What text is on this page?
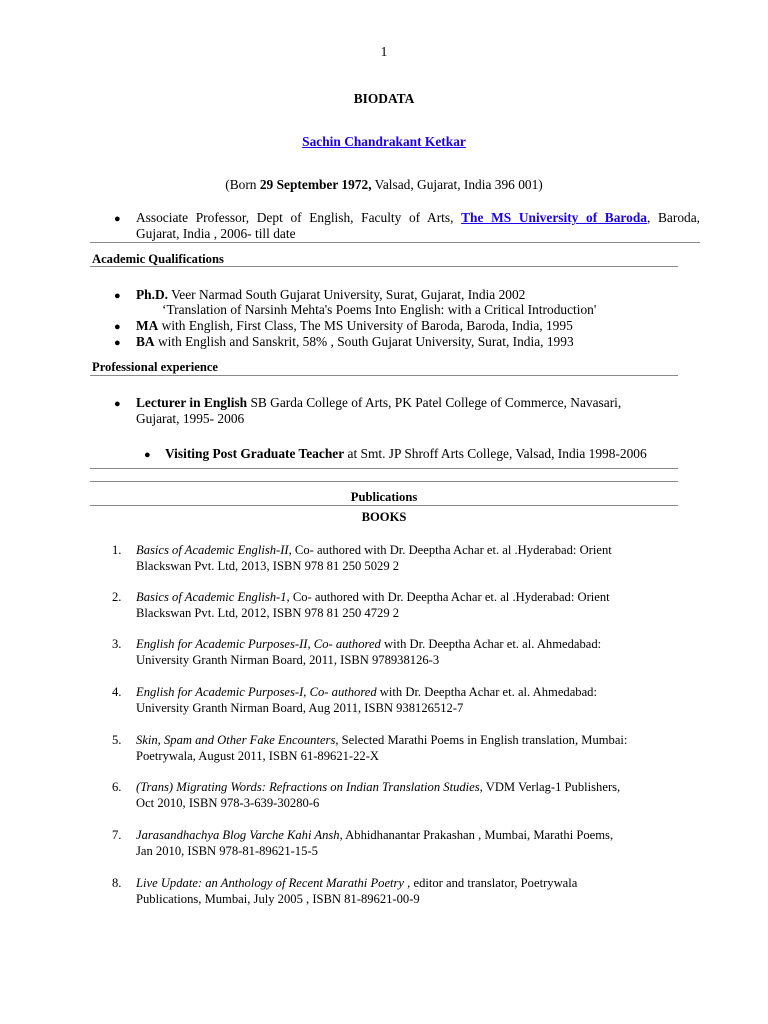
1
BIODATA
Sachin Chandrakant Ketkar
(Born 29 September 1972, Valsad, Gujarat, India 396 001)
●	Associate Professor, Dept of English, Faculty of Arts, The MS University of Baroda, Baroda,
Gujarat, India , 2006- till date
Academic Qualifications
●	Ph.D. Veer Narmad South Gujarat University, Surat, Gujarat, India 2002
‘Translation of Narsinh Mehta's Poems Into English: with a Critical Introduction'
●	MA with English, First Class, The MS University of Baroda, Baroda, India, 1995
●	BA with English and Sanskrit, 58% , South Gujarat University, Surat, India, 1993
Professional experience
●	Lecturer in English SB Garda College of Arts, PK Patel College of Commerce, Navasari,
Gujarat, 1995- 2006
●	Visiting Post Graduate Teacher at Smt. JP Shroff Arts College, Valsad, India 1998-2006
Publications
BOOKS
1.	Basics of Academic English-II, Co- authored with Dr. Deeptha Achar et. al .Hyderabad: Orient
Blackswan Pvt. Ltd, 2013, ISBN 978 81 250 5029 2
2.	Basics of Academic English-1, Co- authored with Dr. Deeptha Achar et. al .Hyderabad: Orient
Blackswan Pvt. Ltd, 2012, ISBN 978 81 250 4729 2
3.	English for Academic Purposes-II, Co- authored with Dr. Deeptha Achar et. al. Ahmedabad:
University Granth Nirman Board, 2011, ISBN 978938126-3
4.	English for Academic Purposes-I, Co- authored with Dr. Deeptha Achar et. al. Ahmedabad:
University Granth Nirman Board, Aug 2011, ISBN 938126512-7
5.	Skin, Spam and Other Fake Encounters, Selected Marathi Poems in English translation, Mumbai:
Poetrywala, August 2011, ISBN 61-89621-22-X
6.	(Trans) Migrating Words: Refractions on Indian Translation Studies, VDM Verlag-1 Publishers,
Oct 2010, ISBN 978-3-639-30280-6
7.	Jarasandhachya Blog Varche Kahi Ansh, Abhidhanantar Prakashan , Mumbai, Marathi Poems,
Jan 2010, ISBN 978-81-89621-15-5
8.	Live Update: an Anthology of Recent Marathi Poetry , editor and translator, Poetrywala
Publications, Mumbai, July 2005 , ISBN 81-89621-00-9
